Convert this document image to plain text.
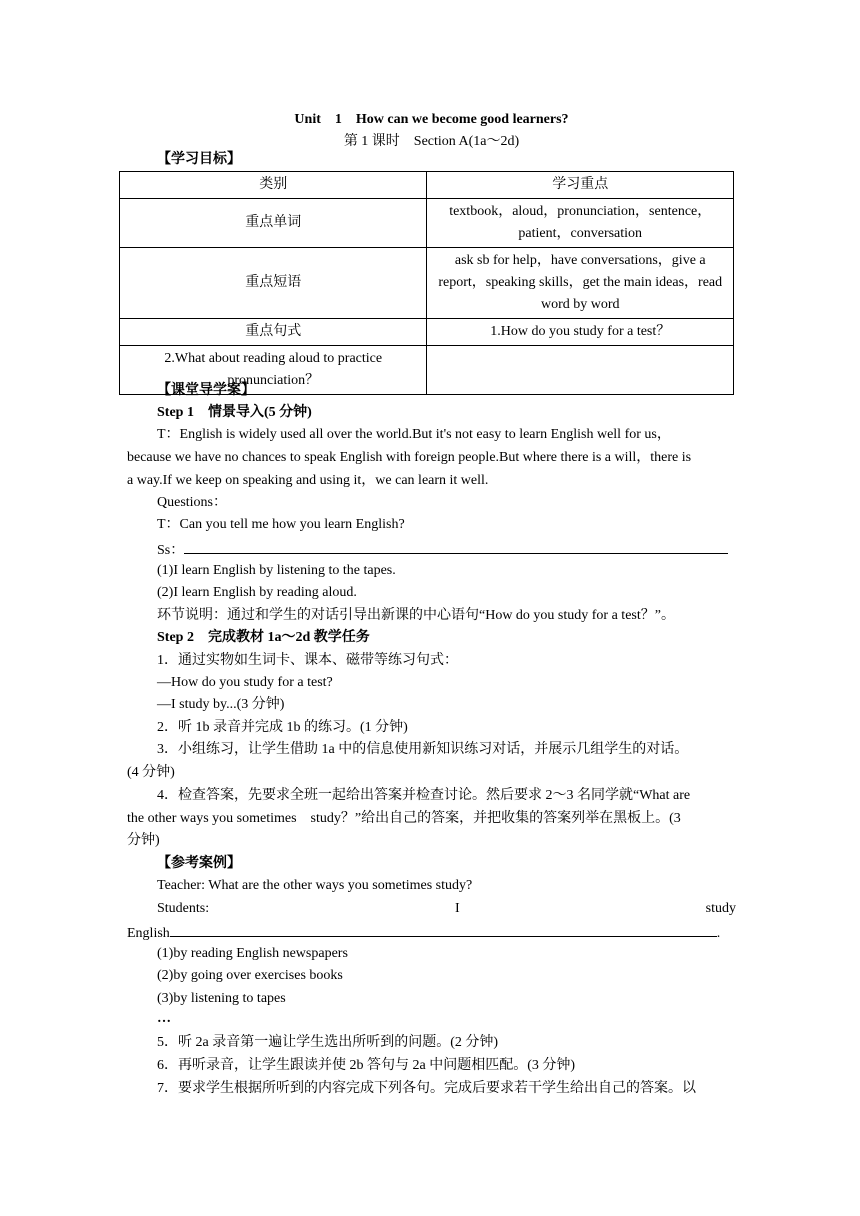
Unit　1　How can we become good learners?
第 1 课时　Section A(1a～2d)
【学习目标】
类别	学习重点
重点单词	textbook，aloud，pronunciation，sentence，patient，conversation
重点短语	ask sb for help，have conversations，give a report，speaking skills，get the main ideas，read word by word
重点句式	1.How do you study for a test？
2.What about reading aloud to practice pronunciation？	
【课堂导学案】
Step 1　情景导入(5 分钟)
T：English is widely used all over the world.But it's not easy to learn English well for us，
because we have no chances to speak English with foreign people.But where there is a will，there is
a way.If we keep on speaking and using it，we can learn it well.
Questions：
T：Can you tell me how you learn English?
Ss：
(1)I learn English by listening to the tapes.
(2)I learn English by reading aloud.
环节说明：通过和学生的对话引导出新课的中心语句“How do you study for a test？”。
Step 2　完成教材 1a～2d 教学任务
1．通过实物如生词卡、课本、磁带等练习句式：
—How do you study for a test?
—I study by...(3 分钟)
2．听 1b 录音并完成 1b 的练习。(1 分钟)
3．小组练习，让学生借助 1a 中的信息使用新知识练习对话，并展示几组学生的对话。
(4 分钟)
4．检查答案，先要求全班一起给出答案并检查讨论。然后要求 2～3 名同学就“What are
the other ways you sometimes　study？”给出自己的答案，并把收集的答案列举在黑板上。(3
分钟)
【参考案例】
Teacher: What are the other ways you sometimes study?
Students:	I	study
English	.
(1)by reading English newspapers
(2)by going over exercises books
(3)by listening to tapes
…
5．听 2a 录音第一遍让学生选出所听到的问题。(2 分钟)
6．再听录音，让学生跟读并使 2b 答句与 2a 中问题相匹配。(3 分钟)
7．要求学生根据所听到的内容完成下列各句。完成后要求若干学生给出自己的答案。以
